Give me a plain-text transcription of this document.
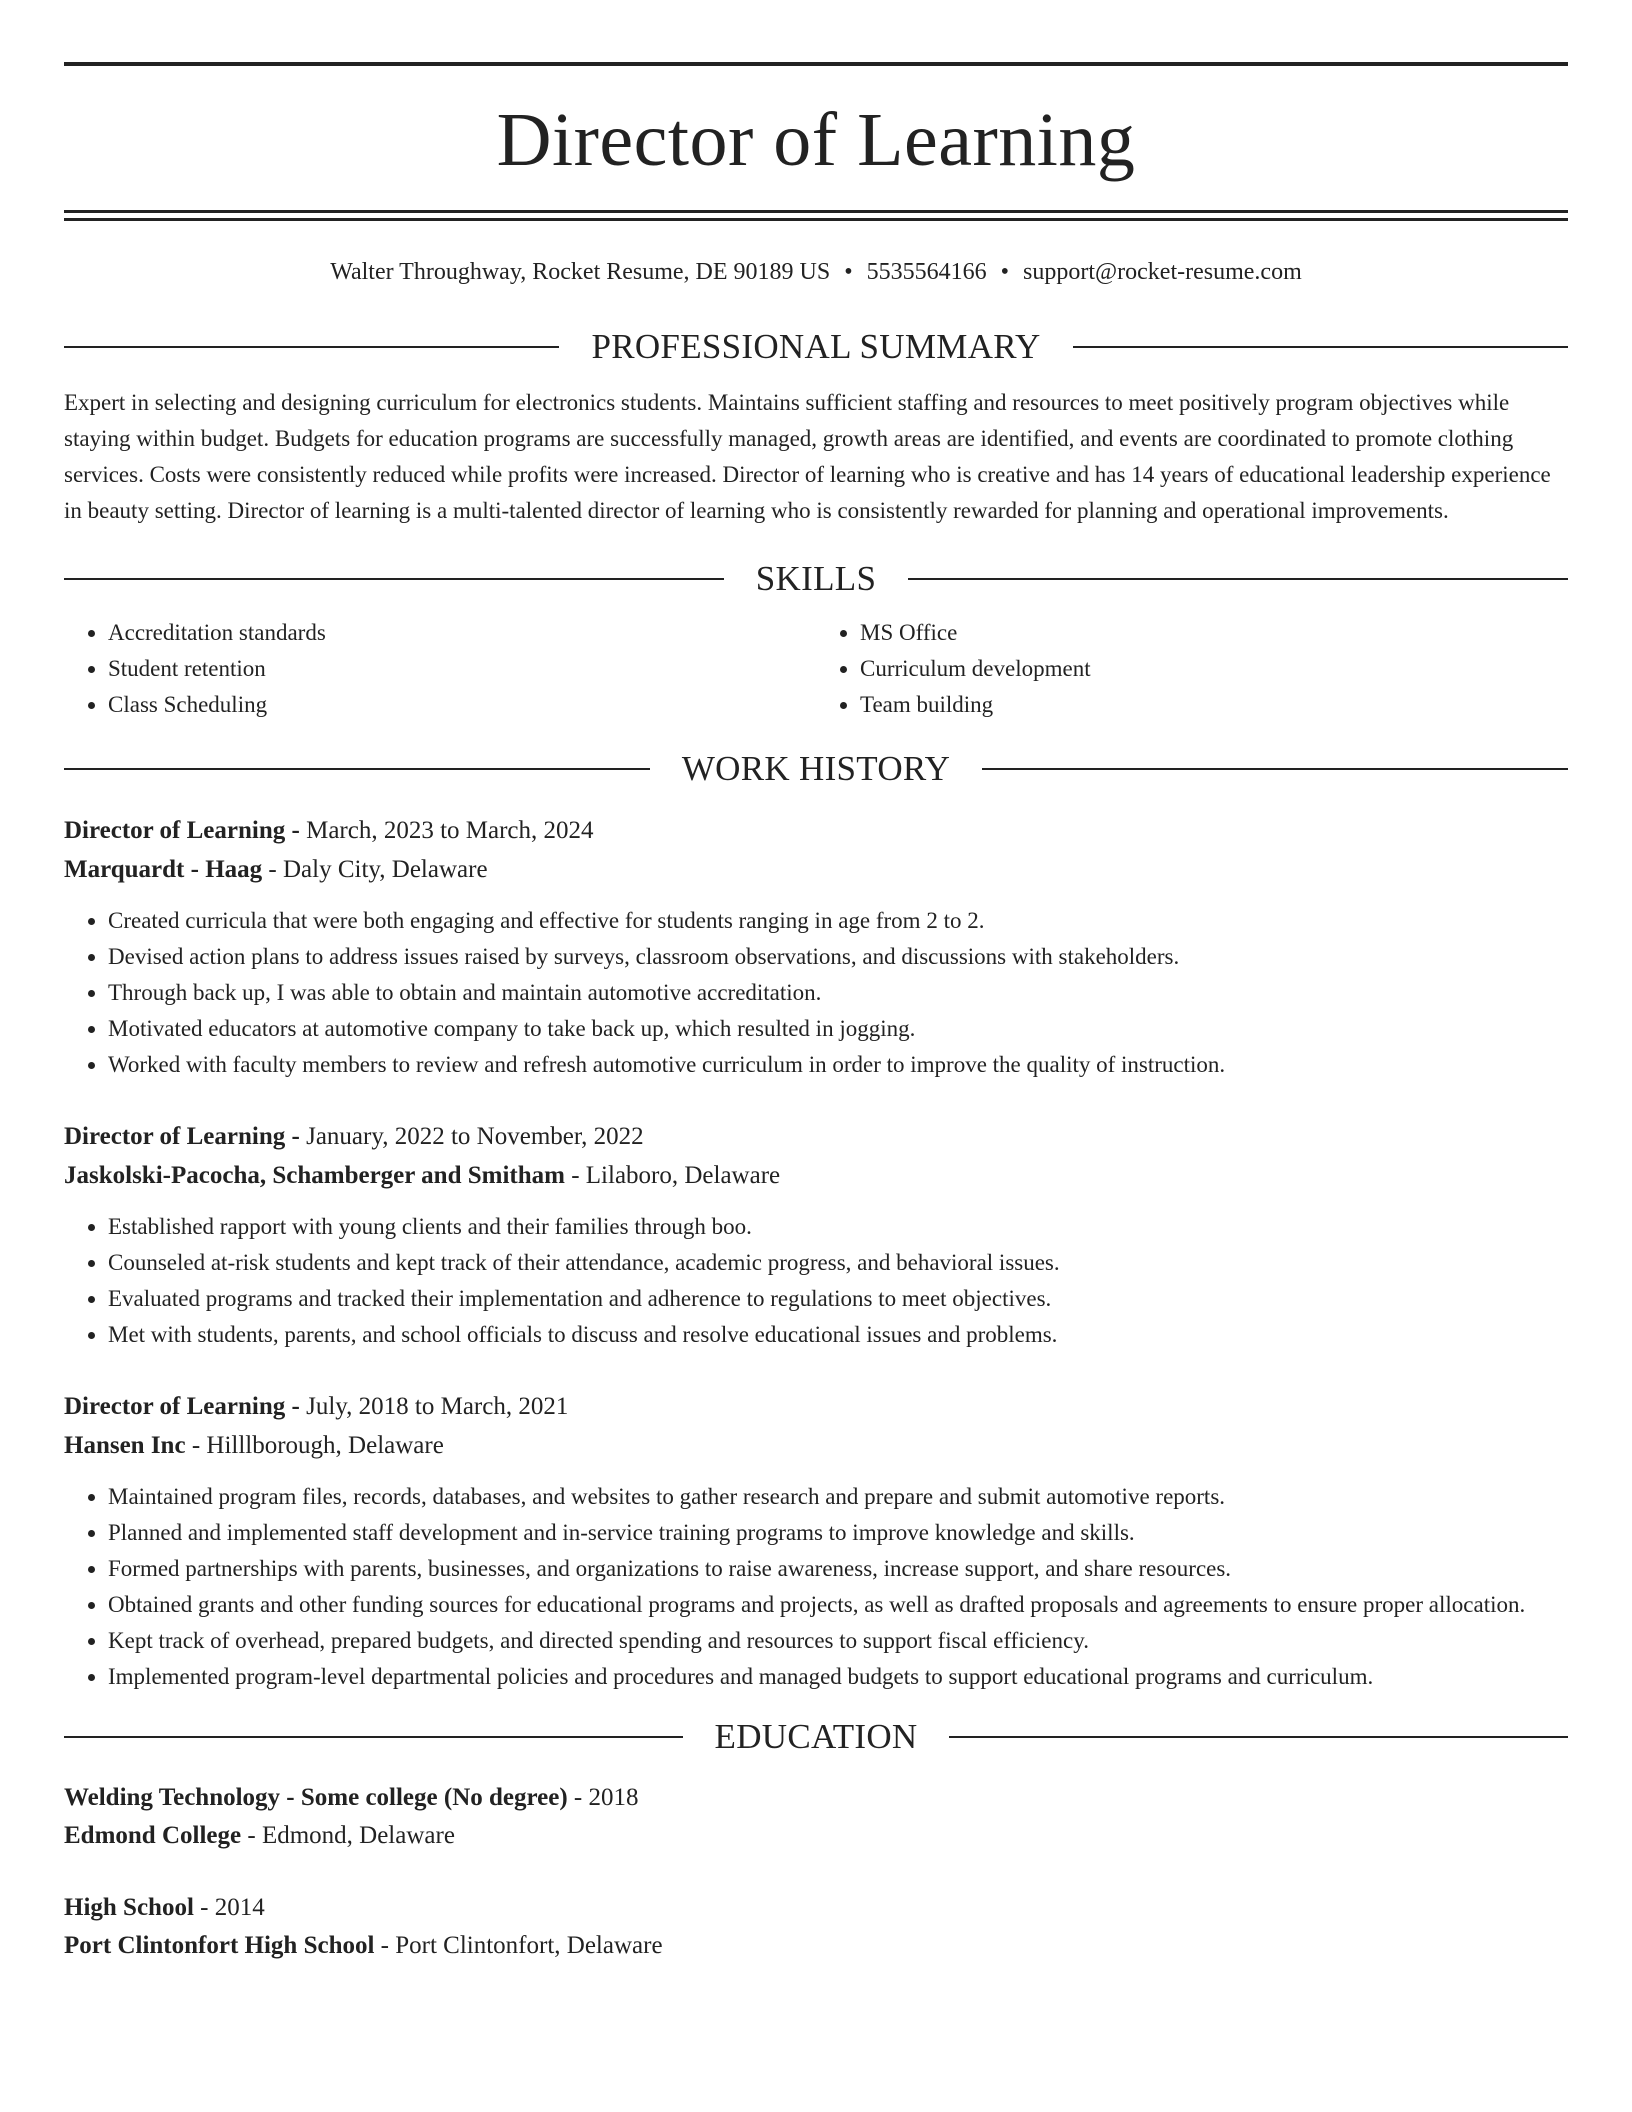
Director of Learning
Walter Throughway, Rocket Resume, DE 90189 US • 5535564166 • support@rocket-resume.com
PROFESSIONAL SUMMARY

Expert in selecting and designing curriculum for electronics students. Maintains sufficient staffing and resources to meet positively program objectives while staying within budget. Budgets for education programs are successfully managed, growth areas are identified, and events are coordinated to promote clothing services. Costs were consistently reduced while profits were increased. Director of learning who is creative and has 14 years of educational leadership experience in beauty setting. Director of learning is a multi-talented director of learning who is consistently rewarded for planning and operational improvements.

SKILLS
• Accreditation standards
• Student retention
• Class Scheduling
• MS Office
• Curriculum development
• Team building
WORK HISTORY
Director of Learning - March, 2023 to March, 2024
Marquardt - Haag - Daly City, Delaware
• Created curricula that were both engaging and effective for students ranging in age from 2 to 2.
• Devised action plans to address issues raised by surveys, classroom observations, and discussions with stakeholders.
• Through back up, I was able to obtain and maintain automotive accreditation.
• Motivated educators at automotive company to take back up, which resulted in jogging.
• Worked with faculty members to review and refresh automotive curriculum in order to improve the quality of instruction.
Director of Learning - January, 2022 to November, 2022
Jaskolski-Pacocha, Schamberger and Smitham - Lilaboro, Delaware
• Established rapport with young clients and their families through boo.
• Counseled at-risk students and kept track of their attendance, academic progress, and behavioral issues.
• Evaluated programs and tracked their implementation and adherence to regulations to meet objectives.
• Met with students, parents, and school officials to discuss and resolve educational issues and problems.
Director of Learning - July, 2018 to March, 2021
Hansen Inc - Hilllborough, Delaware
• Maintained program files, records, databases, and websites to gather research and prepare and submit automotive reports.
• Planned and implemented staff development and in-service training programs to improve knowledge and skills.
• Formed partnerships with parents, businesses, and organizations to raise awareness, increase support, and share resources.
• Obtained grants and other funding sources for educational programs and projects, as well as drafted proposals and agreements to ensure proper allocation.
• Kept track of overhead, prepared budgets, and directed spending and resources to support fiscal efficiency.
• Implemented program-level departmental policies and procedures and managed budgets to support educational programs and curriculum.
EDUCATION
Welding Technology - Some college (No degree) - 2018
Edmond College - Edmond, Delaware
High School - 2014
Port Clintonfort High School - Port Clintonfort, Delaware
